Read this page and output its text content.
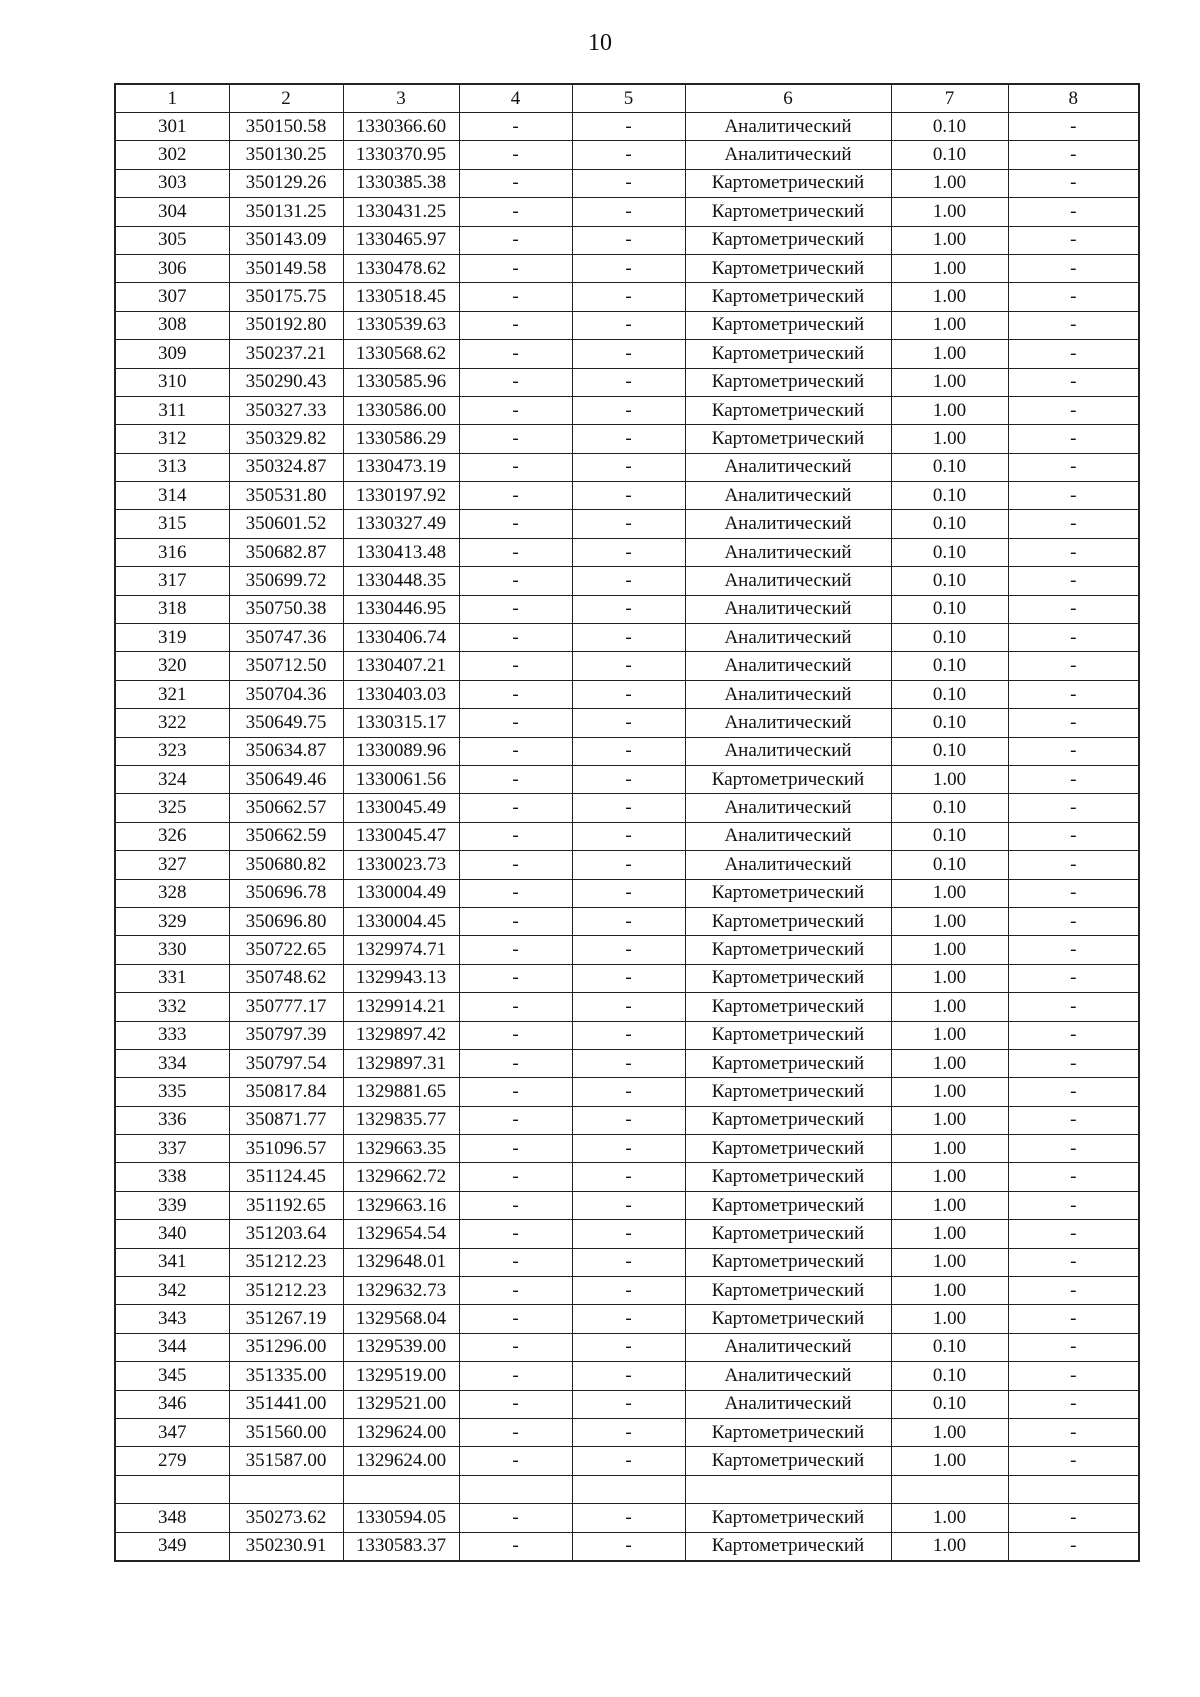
10
1	2	3	4	5	6	7	8
301	350150.58	1330366.60	-	-	Аналитический	0.10	-
302	350130.25	1330370.95	-	-	Аналитический	0.10	-
303	350129.26	1330385.38	-	-	Картометрический	1.00	-
304	350131.25	1330431.25	-	-	Картометрический	1.00	-
305	350143.09	1330465.97	-	-	Картометрический	1.00	-
306	350149.58	1330478.62	-	-	Картометрический	1.00	-
307	350175.75	1330518.45	-	-	Картометрический	1.00	-
308	350192.80	1330539.63	-	-	Картометрический	1.00	-
309	350237.21	1330568.62	-	-	Картометрический	1.00	-
310	350290.43	1330585.96	-	-	Картометрический	1.00	-
311	350327.33	1330586.00	-	-	Картометрический	1.00	-
312	350329.82	1330586.29	-	-	Картометрический	1.00	-
313	350324.87	1330473.19	-	-	Аналитический	0.10	-
314	350531.80	1330197.92	-	-	Аналитический	0.10	-
315	350601.52	1330327.49	-	-	Аналитический	0.10	-
316	350682.87	1330413.48	-	-	Аналитический	0.10	-
317	350699.72	1330448.35	-	-	Аналитический	0.10	-
318	350750.38	1330446.95	-	-	Аналитический	0.10	-
319	350747.36	1330406.74	-	-	Аналитический	0.10	-
320	350712.50	1330407.21	-	-	Аналитический	0.10	-
321	350704.36	1330403.03	-	-	Аналитический	0.10	-
322	350649.75	1330315.17	-	-	Аналитический	0.10	-
323	350634.87	1330089.96	-	-	Аналитический	0.10	-
324	350649.46	1330061.56	-	-	Картометрический	1.00	-
325	350662.57	1330045.49	-	-	Аналитический	0.10	-
326	350662.59	1330045.47	-	-	Аналитический	0.10	-
327	350680.82	1330023.73	-	-	Аналитический	0.10	-
328	350696.78	1330004.49	-	-	Картометрический	1.00	-
329	350696.80	1330004.45	-	-	Картометрический	1.00	-
330	350722.65	1329974.71	-	-	Картометрический	1.00	-
331	350748.62	1329943.13	-	-	Картометрический	1.00	-
332	350777.17	1329914.21	-	-	Картометрический	1.00	-
333	350797.39	1329897.42	-	-	Картометрический	1.00	-
334	350797.54	1329897.31	-	-	Картометрический	1.00	-
335	350817.84	1329881.65	-	-	Картометрический	1.00	-
336	350871.77	1329835.77	-	-	Картометрический	1.00	-
337	351096.57	1329663.35	-	-	Картометрический	1.00	-
338	351124.45	1329662.72	-	-	Картометрический	1.00	-
339	351192.65	1329663.16	-	-	Картометрический	1.00	-
340	351203.64	1329654.54	-	-	Картометрический	1.00	-
341	351212.23	1329648.01	-	-	Картометрический	1.00	-
342	351212.23	1329632.73	-	-	Картометрический	1.00	-
343	351267.19	1329568.04	-	-	Картометрический	1.00	-
344	351296.00	1329539.00	-	-	Аналитический	0.10	-
345	351335.00	1329519.00	-	-	Аналитический	0.10	-
346	351441.00	1329521.00	-	-	Аналитический	0.10	-
347	351560.00	1329624.00	-	-	Картометрический	1.00	-
279	351587.00	1329624.00	-	-	Картометрический	1.00	-

348	350273.62	1330594.05	-	-	Картометрический	1.00	-
349	350230.91	1330583.37	-	-	Картометрический	1.00	-
